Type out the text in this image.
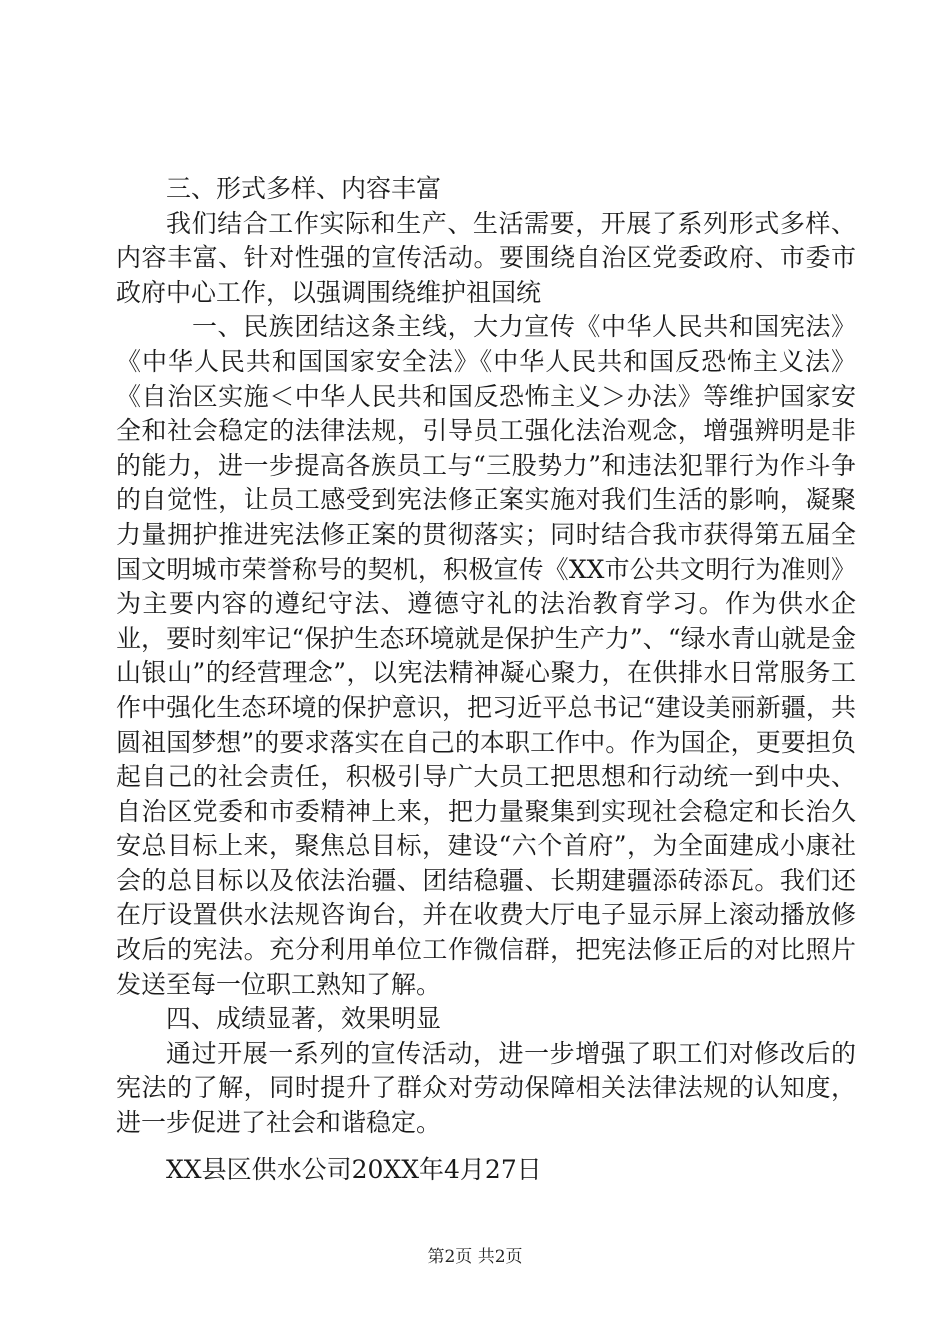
三、形式多样、内容丰富

我们结合工作实际和生产、生活需要，开展了系列形式多样、内容丰富、针对性强的宣传活动。要围绕自治区党委政府、市委市政府中心工作，以强调围绕维护祖国统

一、民族团结这条主线，大力宣传《中华人民共和国宪法》《中华人民共和国国家安全法》《中华人民共和国反恐怖主义法》《自治区实施＜中华人民共和国反恐怖主义＞办法》等维护国家安全和社会稳定的法律法规，引导员工强化法治观念，增强辨明是非的能力，进一步提高各族员工与“三股势力”和违法犯罪行为作斗争的自觉性，让员工感受到宪法修正案实施对我们生活的影响，凝聚力量拥护推进宪法修正案的贯彻落实；同时结合我市获得第五届全国文明城市荣誉称号的契机，积极宣传《XX市公共文明行为准则》为主要内容的遵纪守法、遵德守礼的法治教育学习。作为供水企业，要时刻牢记“保护生态环境就是保护生产力”、“绿水青山就是金山银山”的经营理念”，以宪法精神凝心聚力，在供排水日常服务工作中强化生态环境的保护意识，把习近平总书记“建设美丽新疆，共圆祖国梦想”的要求落实在自己的本职工作中。作为国企，更要担负起自己的社会责任，积极引导广大员工把思想和行动统一到中央、自治区党委和市委精神上来，把力量聚集到实现社会稳定和长治久安总目标上来，聚焦总目标，建设“六个首府”，为全面建成小康社会的总目标以及依法治疆、团结稳疆、长期建疆添砖添瓦。我们还在厅设置供水法规咨询台，并在收费大厅电子显示屏上滚动播放修改后的宪法。充分利用单位工作微信群，把宪法修正后的对比照片发送至每一位职工熟知了解。

四、成绩显著，效果明显

通过开展一系列的宣传活动，进一步增强了职工们对修改后的宪法的了解，同时提升了群众对劳动保障相关法律法规的认知度，进一步促进了社会和谐稳定。

XX县区供水公司20XX年4月27日

第2页 共2页
